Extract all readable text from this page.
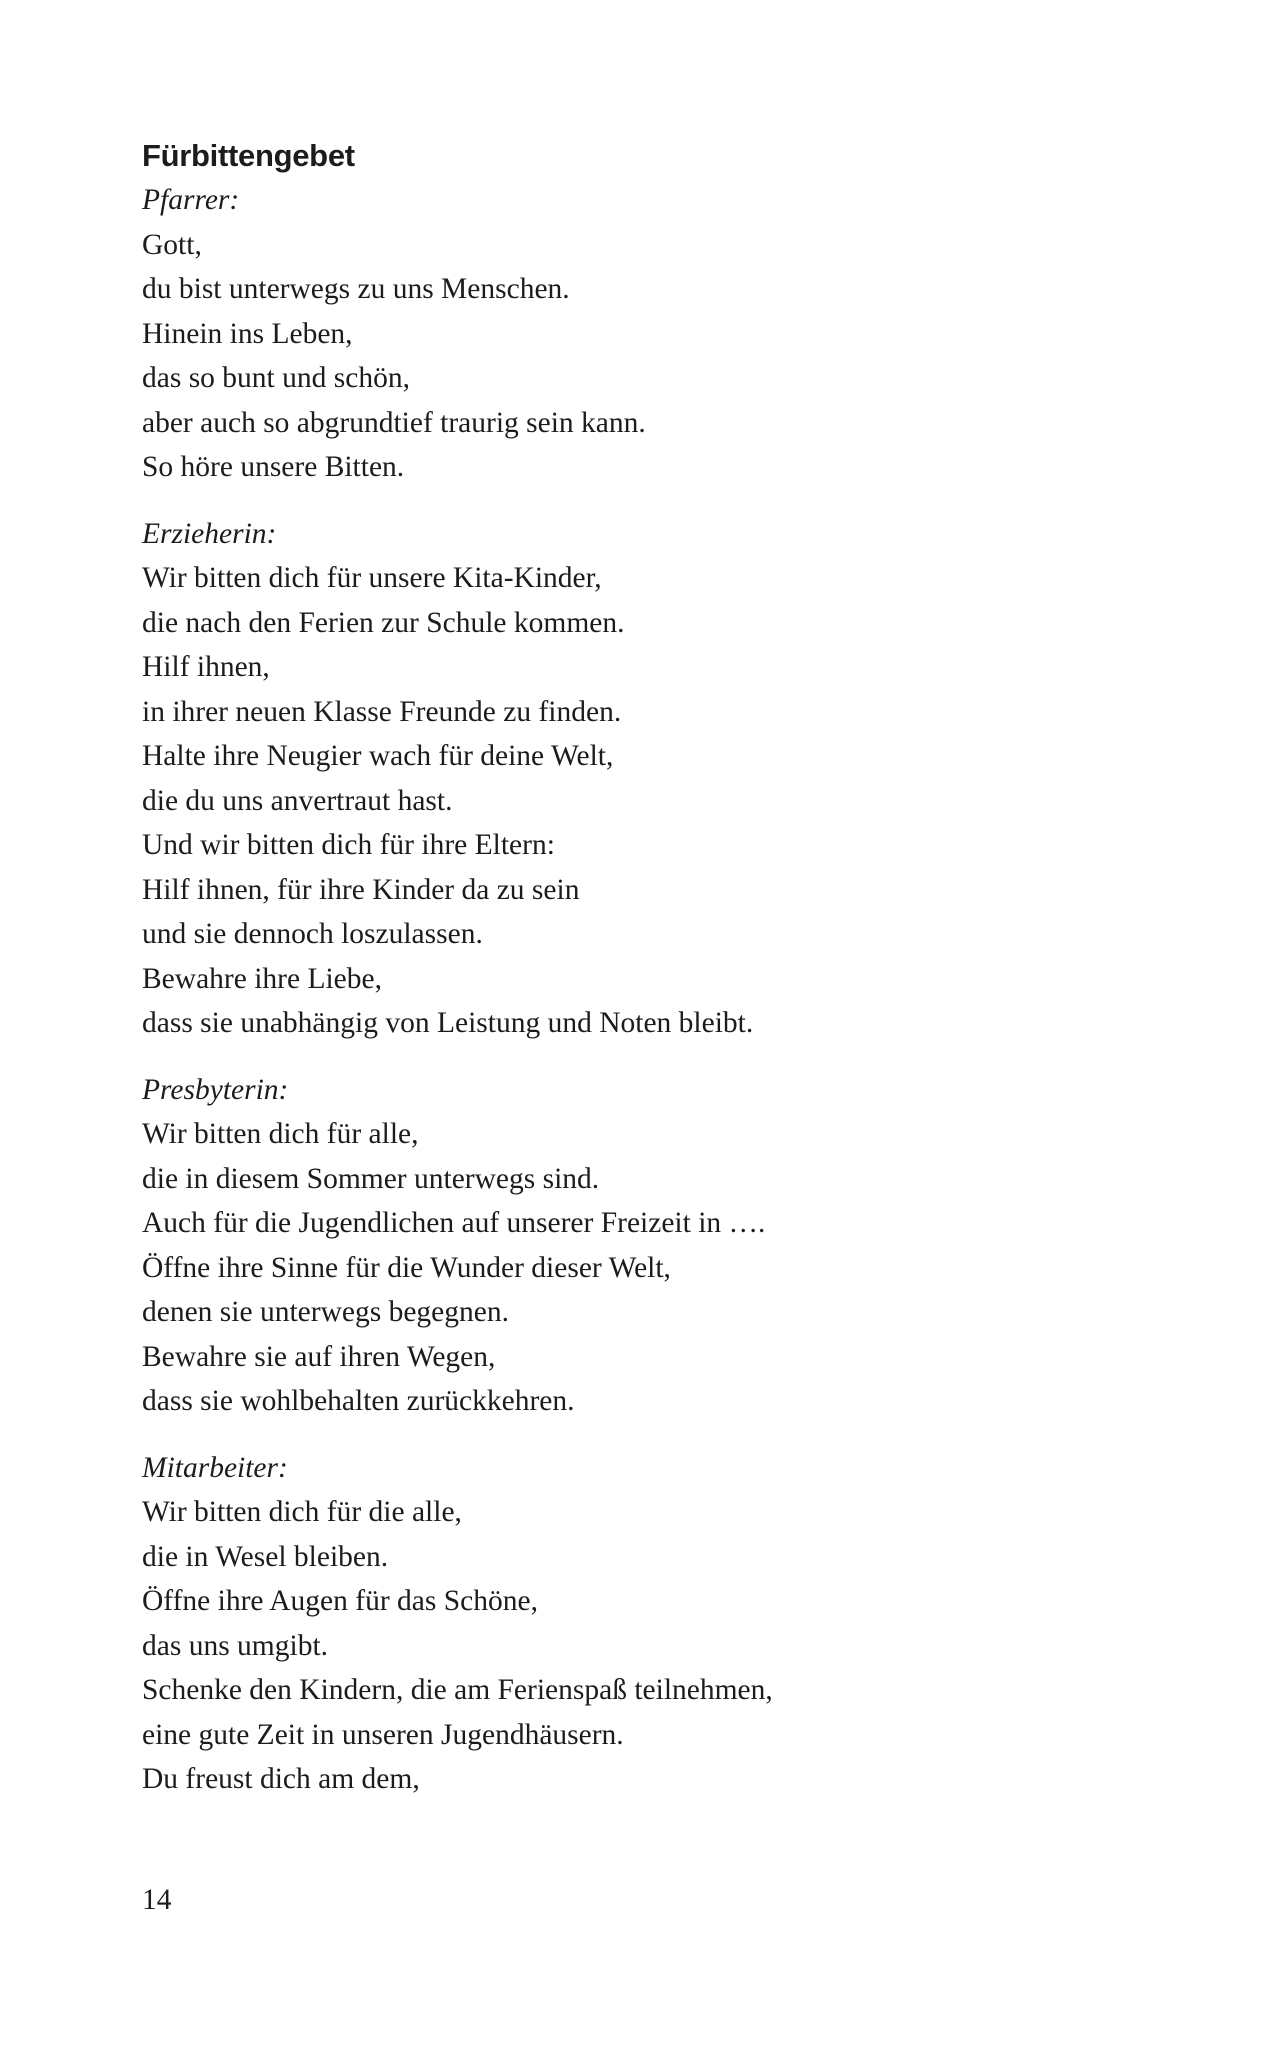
Fürbittengebet
Pfarrer:
Gott,
du bist unterwegs zu uns Menschen.
Hinein ins Leben,
das so bunt und schön,
aber auch so abgrundtief traurig sein kann.
So höre unsere Bitten.
Erzieherin:
Wir bitten dich für unsere Kita-Kinder,
die nach den Ferien zur Schule kommen.
Hilf ihnen,
in ihrer neuen Klasse Freunde zu finden.
Halte ihre Neugier wach für deine Welt,
die du uns anvertraut hast.
Und wir bitten dich für ihre Eltern:
Hilf ihnen, für ihre Kinder da zu sein
und sie dennoch loszulassen.
Bewahre ihre Liebe,
dass sie unabhängig von Leistung und Noten bleibt.
Presbyterin:
Wir bitten dich für alle,
die in diesem Sommer unterwegs sind.
Auch für die Jugendlichen auf unserer Freizeit in ….
Öffne ihre Sinne für die Wunder dieser Welt,
denen sie unterwegs begegnen.
Bewahre sie auf ihren Wegen,
dass sie wohlbehalten zurückkehren.
Mitarbeiter:
Wir bitten dich für die alle,
die in Wesel bleiben.
Öffne ihre Augen für das Schöne,
das uns umgibt.
Schenke den Kindern, die am Ferienspaß teilnehmen,
eine gute Zeit in unseren Jugendhäusern.
Du freust dich am dem,
14
